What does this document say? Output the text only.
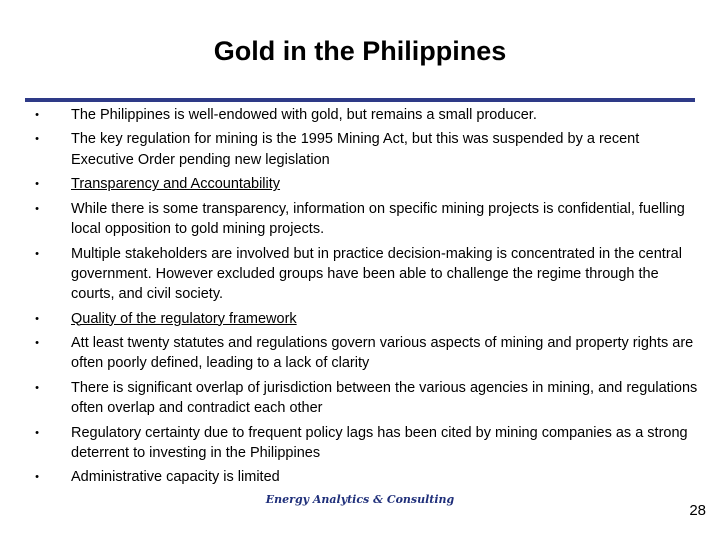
Gold in the Philippines
• The Philippines is well-endowed with gold, but remains a small producer.
• The key regulation for mining is the 1995 Mining Act, but this was suspended by a recent Executive Order pending new legislation
• Transparency and Accountability
• While there is some transparency, information on specific mining projects is confidential, fuelling local opposition to gold mining projects.
• Multiple stakeholders are involved but in practice decision-making is concentrated in the central government. However excluded groups have been able to challenge the regime through the courts, and civil society.
• Quality of the regulatory framework
• Att least twenty statutes and regulations govern various aspects of mining and property rights are often poorly defined, leading to a lack of clarity
• There is significant overlap of jurisdiction between the various agencies in mining, and regulations often overlap and contradict each other
• Regulatory certainty due to frequent policy lags has been cited by mining companies as a strong deterrent to investing in the Philippines
• Administrative capacity is limited
Energy Analytics & Consulting
28
